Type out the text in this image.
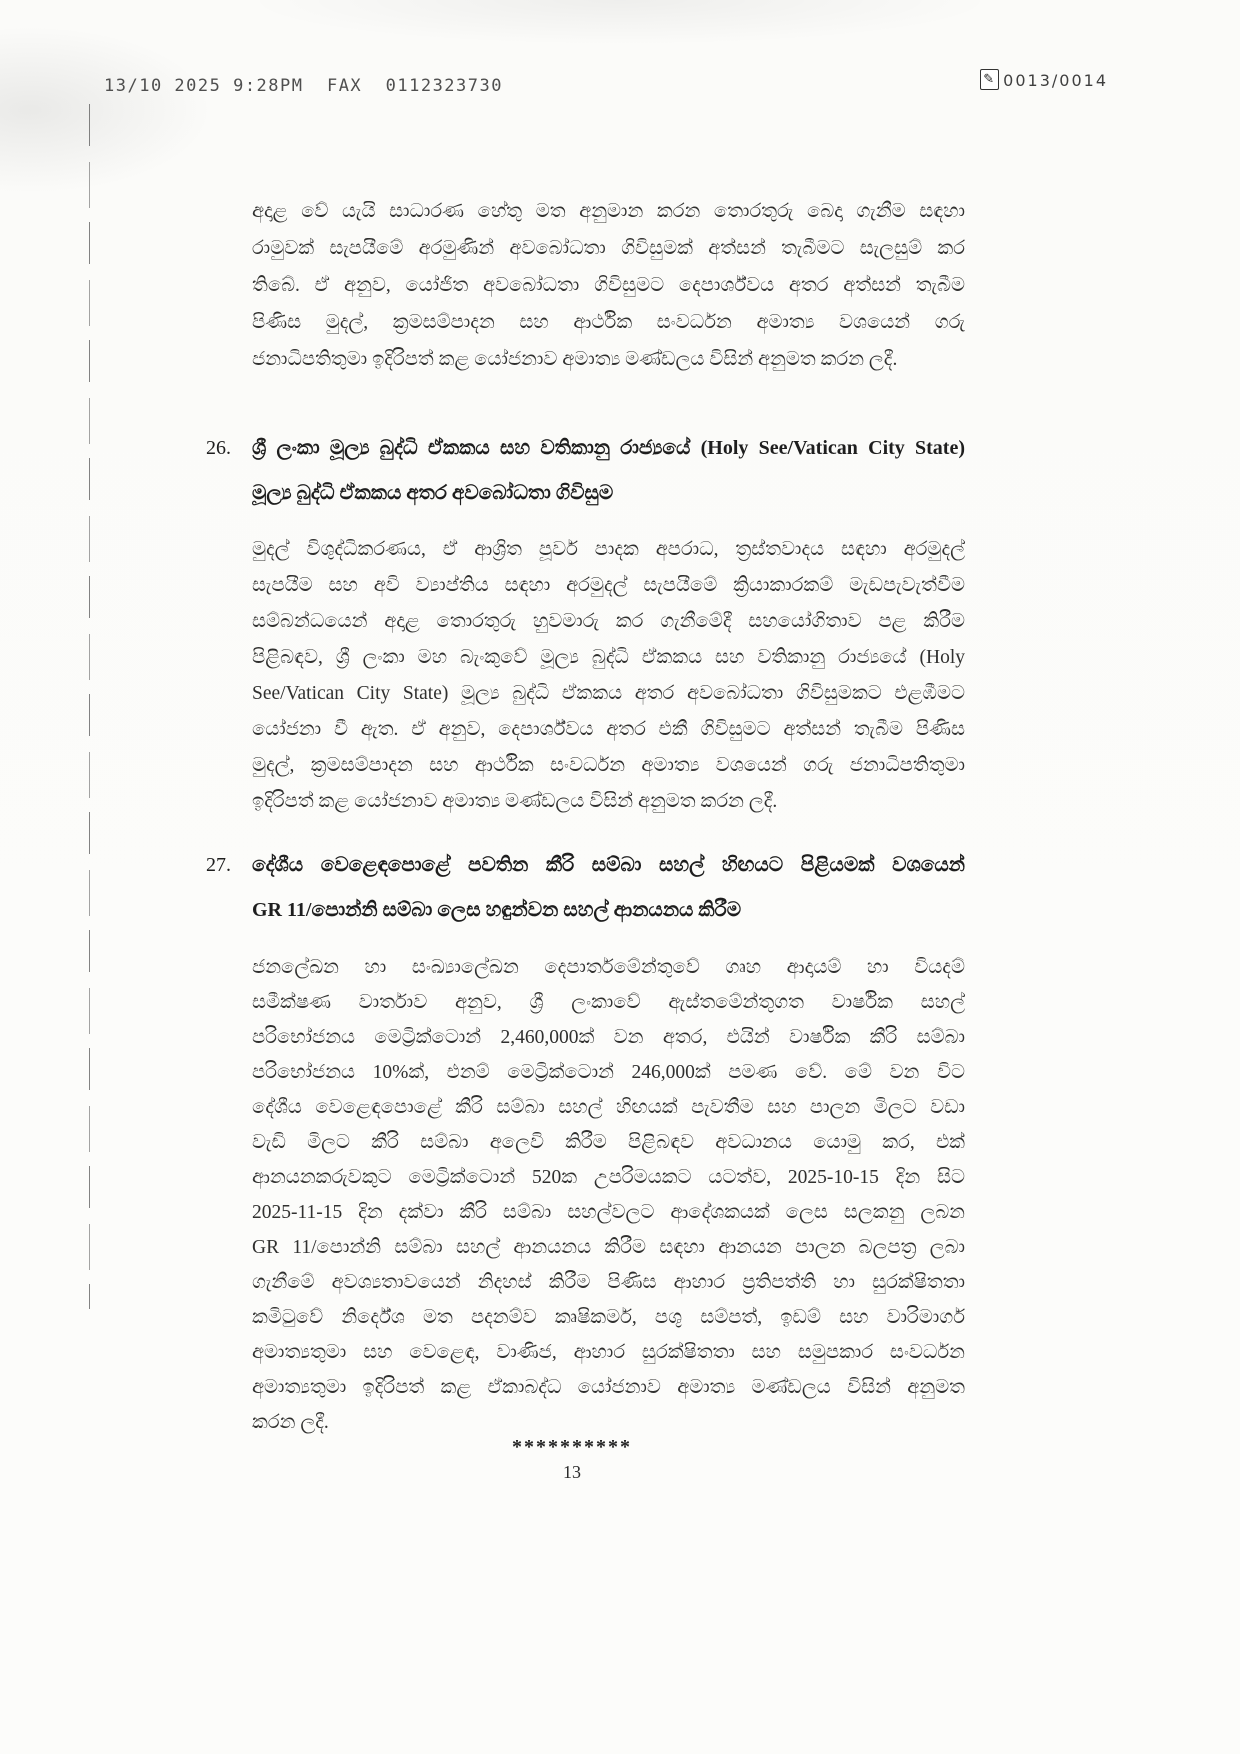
13/10 2025 9:28PM  FAX  0112323730	✎ 0013/0014
අදාළ වේ යැයි සාධාරණ හේතු මත අනුමාන කරන තොරතුරු බෙදා ගැනීම සඳහා
රාමුවක් සැපයීමේ අරමුණින් අවබෝධතා ගිවිසුමක් අත්සන් තැබීමට සැලසුම් කර
තිබේ. ඒ අනුව, යෝජිත අවබෝධතා ගිවිසුමට දෙපාර්ශ්වය අතර අත්සන් තැබීම
පිණිස මුදල්, ක්‍රමසම්පාදන සහ ආර්ථික සංවර්ධන අමාත්‍ය වශයෙන් ගරු
ජනාධිපතිතුමා ඉදිරිපත් කළ යෝජනාව අමාත්‍ය මණ්ඩලය විසින් අනුමත කරන ලදී.
26.	ශ්‍රී ලංකා මූල්‍ය බුද්ධි ඒකකය සහ වතිකානු රාජ්‍යයේ (Holy See/Vatican City State)
මූල්‍ය බුද්ධි ඒකකය අතර අවබෝධතා ගිවිසුම
මුදල් විශුද්ධිකරණය, ඒ ආශ්‍රිත පූර්ව පාදක අපරාධ, ත්‍රස්තවාදය සඳහා අරමුදල්
සැපයීම සහ අවි ව්‍යාප්තිය සඳහා අරමුදල් සැපයීමේ ක්‍රියාකාරකම් මැඩපැවැත්වීම
සම්බන්ධයෙන් අදාළ තොරතුරු හුවමාරු කර ගැනීමේදී සහයෝගිතාව පළ කිරීම
පිළිබඳව, ශ්‍රී ලංකා මහ බැංකුවේ මූල්‍ය බුද්ධි ඒකකය සහ වතිකානු රාජ්‍යයේ (Holy
See/Vatican City State) මූල්‍ය බුද්ධි ඒකකය අතර අවබෝධතා ගිවිසුමකට එළඹීමට
යෝජනා වී ඇත. ඒ අනුව, දෙපාර්ශ්වය අතර එකී ගිවිසුමට අත්සන් තැබීම පිණිස
මුදල්, ක්‍රමසම්පාදන සහ ආර්ථික සංවර්ධන අමාත්‍ය වශයෙන් ගරු ජනාධිපතිතුමා
ඉදිරිපත් කළ යෝජනාව අමාත්‍ය මණ්ඩලය විසින් අනුමත කරන ලදී.
27.	දේශීය වෙළෙඳපොළේ පවතින කීරි සම්බා සහල් හිඟයට පිළියමක් වශයෙන්
GR 11/පොන්නි සම්බා ලෙස හඳුන්වන සහල් ආනයනය කිරීම
ජනලේඛන හා සංඛ්‍යාලේඛන දෙපාර්තමේන්තුවේ ගෘහ ආදායම් හා වියදම්
සමීක්ෂණ වාර්තාව අනුව, ශ්‍රී ලංකාවේ ඇස්තමේන්තුගත වාර්ෂික සහල්
පරිභෝජනය මෙට්‍රික්ටොන් 2,460,000ක් වන අතර, එයින් වාර්ෂික කීරි සම්බා
පරිභෝජනය 10%ක්, එනම් මෙට්‍රික්ටොන් 246,000ක් පමණ වේ. මේ වන විට
දේශීය වෙළෙඳපොළේ කීරි සම්බා සහල් හිඟයක් පැවතීම සහ පාලන මිලට වඩා
වැඩි මිලට කීරි සම්බා අලෙවි කිරීම පිළිබඳව අවධානය යොමු කර, එක්
ආනයනකරුවකුට මෙට්‍රික්ටොන් 520ක උපරිමයකට යටත්ව, 2025-10-15 දින සිට
2025-11-15 දින දක්වා කීරි සම්බා සහල්වලට ආදේශකයක් ලෙස සලකනු ලබන
GR 11/පොන්නි සම්බා සහල් ආනයනය කිරීම සඳහා ආනයන පාලන බලපත්‍ර ලබා
ගැනීමේ අවශ්‍යතාවයෙන් නිදහස් කිරීම පිණිස ආහාර ප්‍රතිපත්ති හා සුරක්ෂිතතා
කමිටුවේ නිර්දේශ මත පදනම්ව කෘෂිකර්ම, පශු සම්පත්, ඉඩම් සහ වාරිමාර්ග
අමාත්‍යතුමා සහ වෙළෙඳ, වාණිජ, ආහාර සුරක්ෂිතතා සහ සමුපකාර සංවර්ධන
අමාත්‍යතුමා ඉදිරිපත් කළ ඒකාබද්ධ යෝජනාව අමාත්‍ය මණ්ඩලය විසින් අනුමත
කරන ලදී.
**********
13
